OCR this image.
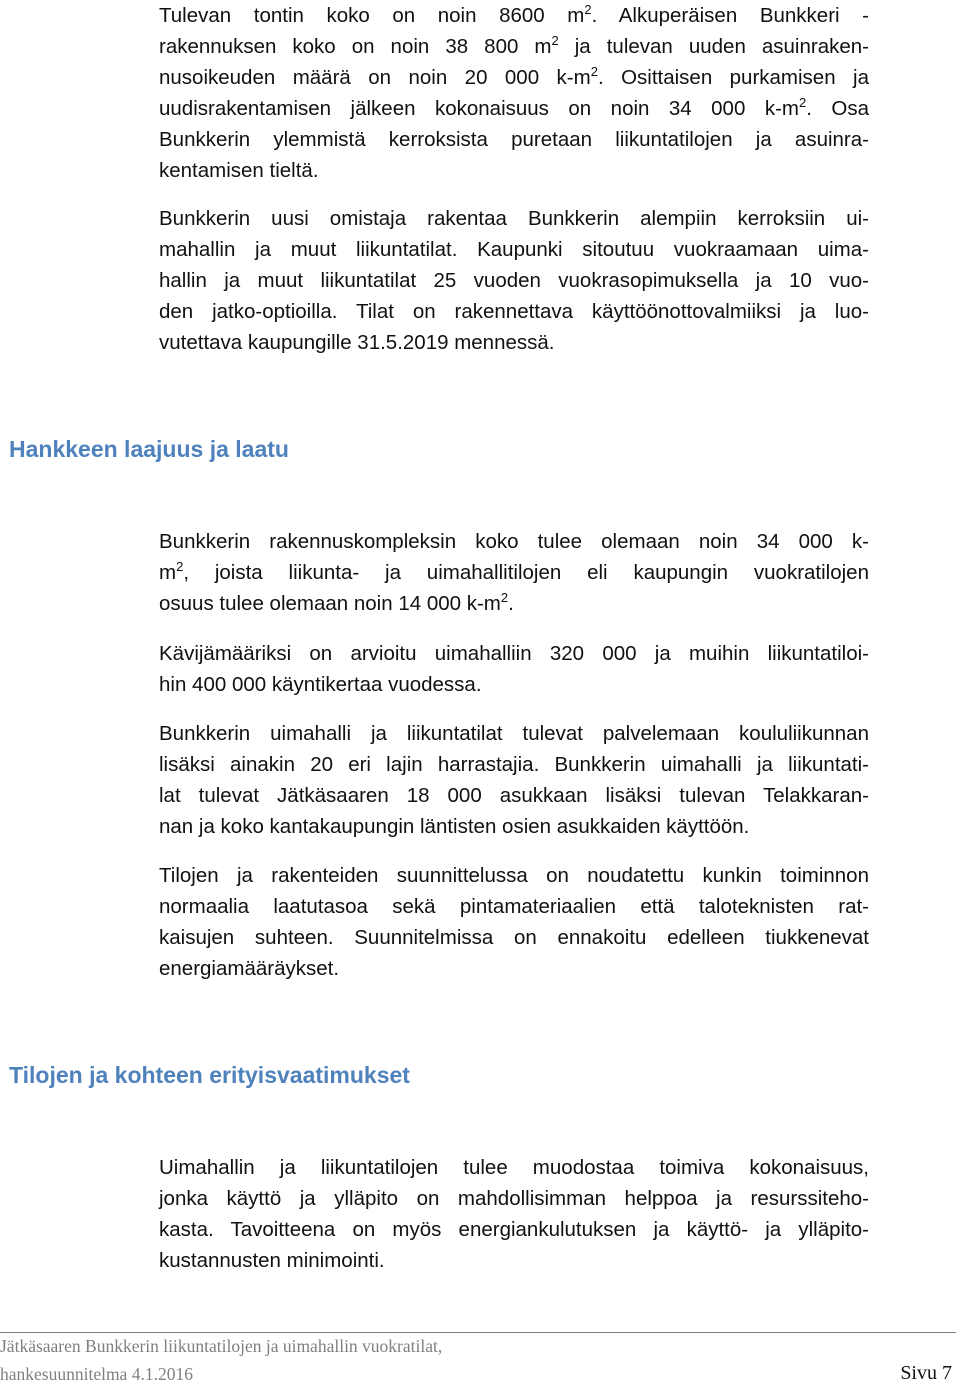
Tulevan tontin koko on noin 8600 $m^2$. Alkuperäisen Bunkkeri -
rakennuksen koko on noin 38 800 $m^2$ ja tulevan uuden asuinraken-
nusoikeuden määrä on noin 20 000 $k-m^2$. Osittaisen purkamisen ja
uudisrakentamisen jälkeen kokonaisuus on noin 34 000 $k-m^2$. Osa
Bunkkerin ylemmistä kerroksista puretaan liikuntatilojen ja asuinra-
kentamisen tieltä.
Bunkkerin uusi omistaja rakentaa Bunkkerin alempiin kerroksiin ui-
mahallin ja muut liikuntatilat. Kaupunki sitoutuu vuokraamaan uima-
hallin ja muut liikuntatilat 25 vuoden vuokrasopimuksella ja 10 vuo-
den jatko-optioilla. Tilat on rakennettava käyttöönottovalmiiksi ja luo-
vutettava kaupungille 31.5.2019 mennessä.
Hankkeen laajuus ja laatu
Bunkkerin rakennuskompleksin koko tulee olemaan noin 34 000 k-
$m^2$, joista liikunta- ja uimahallitilojen eli kaupungin vuokratilojen
osuus tulee olemaan noin 14 000 $k-m^2$.
Kävijämääriksi on arvioitu uimahalliin 320 000 ja muihin liikuntatiloi-
hin 400 000 käyntikertaa vuodessa.
Bunkkerin uimahalli ja liikuntatilat tulevat palvelemaan koululiikunnan
lisäksi ainakin 20 eri lajin harrastajia. Bunkkerin uimahalli ja liikuntati-
lat tulevat Jätkäsaaren 18 000 asukkaan lisäksi tulevan Telakkaran-
nan ja koko kantakaupungin läntisten osien asukkaiden käyttöön.
Tilojen ja rakenteiden suunnittelussa on noudatettu kunkin toiminnon
normaalia laatutasoa sekä pintamateriaalien että taloteknisten rat-
kaisujen suhteen. Suunnitelmissa on ennakoitu edelleen tiukkenevat
energiamääräykset.
Tilojen ja kohteen erityisvaatimukset
Uimahallin ja liikuntatilojen tulee muodostaa toimiva kokonaisuus,
jonka käyttö ja ylläpito on mahdollisimman helppoa ja resurssiteho-
kasta. Tavoitteena on myös energiankulutuksen ja käyttö- ja ylläpito-
kustannusten minimointi.
Jätkäsaaren Bunkkerin liikuntatilojen ja uimahallin vuokratilat,
hankesuunnitelma 4.1.2016	Sivu 7
